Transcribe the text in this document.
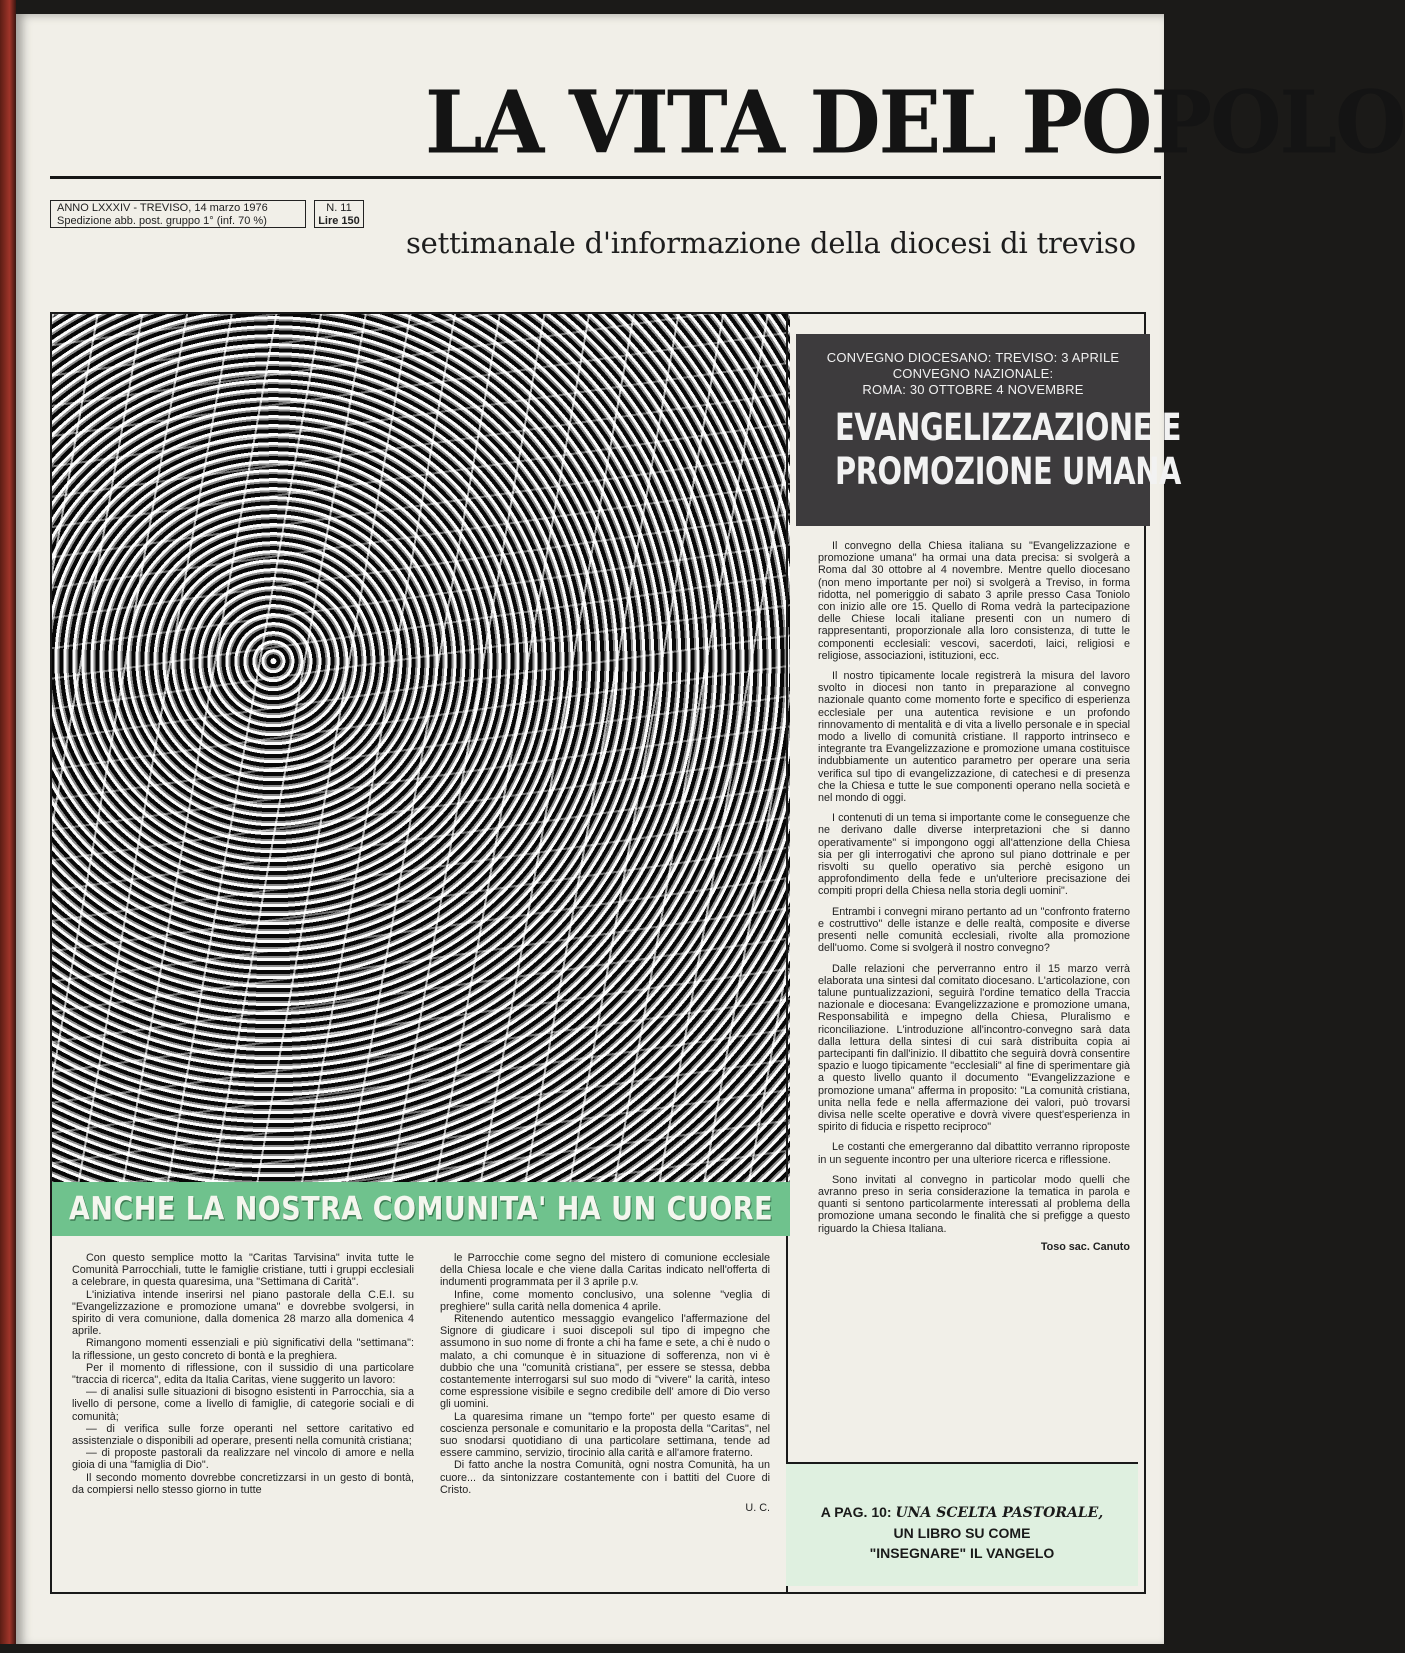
LA VITA DEL POPOLO
ANNO LXXXIV - TREVISO, 14 marzo 1976
Spedizione abb. post. gruppo 1° (inf. 70 %)
N. 11
Lire 150
settimanale d'informazione della diocesi di treviso
ANCHE LA NOSTRA COMUNITA' HA UN CUORE
CONVEGNO DIOCESANO: TREVISO: 3 APRILE
CONVEGNO NAZIONALE:
ROMA: 30 OTTOBRE 4 NOVEMBRE
EVANGELIZZAZIONE E
PROMOZIONE UMANA

Il convegno della Chiesa italiana su "Evangelizzazione e promozione umana" ha ormai una data precisa: si svolgerà a Roma dal 30 ottobre al 4 novembre. Mentre quello diocesano (non meno importante per noi) si svolgerà a Treviso, in forma ridotta, nel pomeriggio di sabato 3 aprile presso Casa Toniolo con inizio alle ore 15. Quello di Roma vedrà la partecipazione delle Chiese locali italiane presenti con un numero di rappresentanti, proporzionale alla loro consistenza, di tutte le componenti ecclesiali: vescovi, sacerdoti, laici, religiosi e religiose, associazioni, istituzioni, ecc.

Il nostro tipicamente locale registrerà la misura del lavoro svolto in diocesi non tanto in preparazione al convegno nazionale quanto come momento forte e specifico di esperienza ecclesiale per una autentica revisione e un profondo rinnovamento di mentalità e di vita a livello personale e in special modo a livello di comunità cristiane. Il rapporto intrinseco e integrante tra Evangelizzazione e promozione umana costituisce indubbiamente un autentico parametro per operare una seria verifica sul tipo di evangelizzazione, di catechesi e di presenza che la Chiesa e tutte le sue componenti operano nella società e nel mondo di oggi.

I contenuti di un tema si importante come le conseguenze che ne derivano dalle diverse interpretazioni che si danno operativamente" si impongono oggi all'attenzione della Chiesa sia per gli interrogativi che aprono sul piano dottrinale e per risvolti su quello operativo sia perchè esigono un approfondimento della fede e un'ulteriore precisazione dei compiti propri della Chiesa nella storia degli uomini".

Entrambi i convegni mirano pertanto ad un "confronto fraterno e costruttivo" delle istanze e delle realtà, composite e diverse presenti nelle comunità ecclesiali, rivolte alla promozione dell'uomo. Come si svolgerà il nostro convegno?

Dalle relazioni che perverranno entro il 15 marzo verrà elaborata una sintesi dal comitato diocesano. L'articolazione, con talune puntualizzazioni, seguirà l'ordine tematico della Traccia nazionale e diocesana: Evangelizzazione e promozione umana, Responsabilità e impegno della Chiesa, Pluralismo e riconciliazione. L'introduzione all'incontro-convegno sarà data dalla lettura della sintesi di cui sarà distribuita copia ai partecipanti fin dall'inizio. Il dibattito che seguirà dovrà consentire spazio e luogo tipicamente "ecclesiali" al fine di sperimentare già a questo livello quanto il documento "Evangelizzazione e promozione umana" afferma in proposito: "La comunità cristiana, unita nella fede e nella affermazione dei valori, può trovarsi divisa nelle scelte operative e dovrà vivere quest'esperienza in spirito di fiducia e rispetto reciproco"

Le costanti che emergeranno dal dibattito verranno riproposte in un seguente incontro per una ulteriore ricerca e riflessione.

Sono invitati al convegno in particolar modo quelli che avranno preso in seria considerazione la tematica in parola e quanti si sentono particolarmente interessati al problema della promozione umana secondo le finalità che si prefigge a questo riguardo la Chiesa Italiana.

Toso sac. Canuto

A PAG. 10: UNA SCELTA PASTORALE,
UN LIBRO SU COME
"INSEGNARE" IL VANGELO

Con questo semplice motto la "Caritas Tarvisina" invita tutte le Comunità Parrocchiali, tutte le famiglie cristiane, tutti i gruppi ecclesiali a celebrare, in questa quaresima, una "Settimana di Carità".

L'iniziativa intende inserirsi nel piano pastorale della C.E.I. su "Evangelizzazione e promozione umana" e dovrebbe svolgersi, in spirito di vera comunione, dalla domenica 28 marzo alla domenica 4 aprile.

Rimangono momenti essenziali e più significativi della "settimana": la riflessione, un gesto concreto di bontà e la preghiera.

Per il momento di riflessione, con il sussidio di una particolare "traccia di ricerca", edita da Italia Caritas, viene suggerito un lavoro:

— di analisi sulle situazioni di bisogno esistenti in Parrocchia, sia a livello di persone, come a livello di famiglie, di categorie sociali e di comunità;

— di verifica sulle forze operanti nel settore caritativo ed assistenziale o disponibili ad operare, presenti nella comunità cristiana;

— di proposte pastorali da realizzare nel vincolo di amore e nella gioia di una "famiglia di Dio".

Il secondo momento dovrebbe concretizzarsi in un gesto di bontà, da compiersi nello stesso giorno in tutte

le Parrocchie come segno del mistero di comunione ecclesiale della Chiesa locale e che viene dalla Caritas indicato nell'offerta di indumenti programmata per il 3 aprile p.v.

Infine, come momento conclusivo, una solenne "veglia di preghiere" sulla carità nella domenica 4 aprile.

Ritenendo autentico messaggio evangelico l'affermazione del Signore di giudicare i suoi discepoli sul tipo di impegno che assumono in suo nome di fronte a chi ha fame e sete, a chi è nudo o malato, a chi comunque è in situazione di sofferenza, non vi è dubbio che una "comunità cristiana", per essere se stessa, debba costantemente interrogarsi sul suo modo di "vivere" la carità, inteso come espressione visibile e segno credibile dell' amore di Dio verso gli uomini.

La quaresima rimane un "tempo forte" per questo esame di coscienza personale e comunitario e la proposta della "Caritas", nel suo snodarsi quotidiano di una particolare settimana, tende ad essere cammino, servizio, tirocinio alla carità e all'amore fraterno.

Di fatto anche la nostra Comunità, ogni nostra Comunità, ha un cuore... da sintonizzare costantemente con i battiti del Cuore di Cristo.

U. C.
